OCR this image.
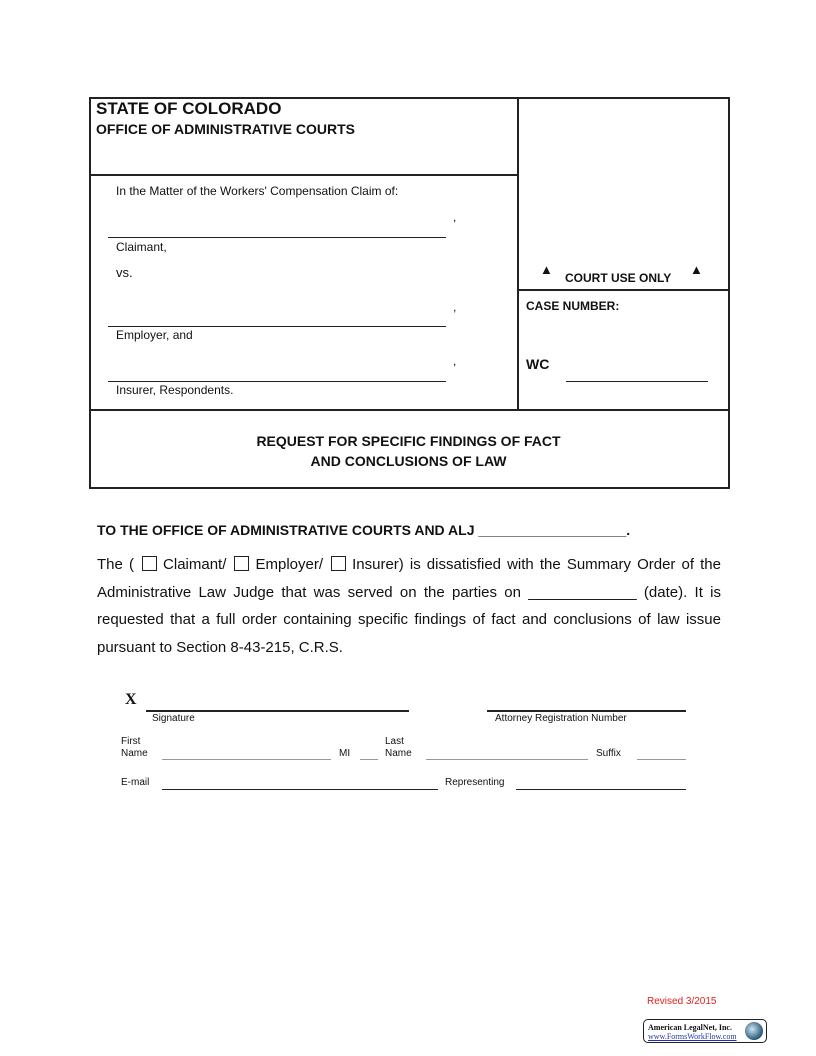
STATE OF COLORADO
OFFICE OF ADMINISTRATIVE COURTS
In the Matter of the Workers' Compensation Claim of:
,
Claimant,
vs.
,
Employer, and
,
Insurer, Respondents.
▲
COURT USE ONLY
▲
CASE NUMBER:
WC
REQUEST FOR SPECIFIC FINDINGS OF FACT
AND CONCLUSIONS OF LAW
TO THE OFFICE OF ADMINISTRATIVE COURTS AND ALJ ___________________.
The ( Claimant/ Employer/ Insurer) is dissatisfied with the Summary Order of the Administrative Law Judge that was served on the parties on _____________ (date). It is requested that a full order containing specific findings of fact and conclusions of law issue pursuant to Section 8-43-215, C.R.S.
X
Signature	Attorney Registration Number
First
Name	MI
Last
Name	Suffix
E-mail	Representing
Revised 3/2015
American LegalNet, Inc.
www.FormsWorkFlow.com
